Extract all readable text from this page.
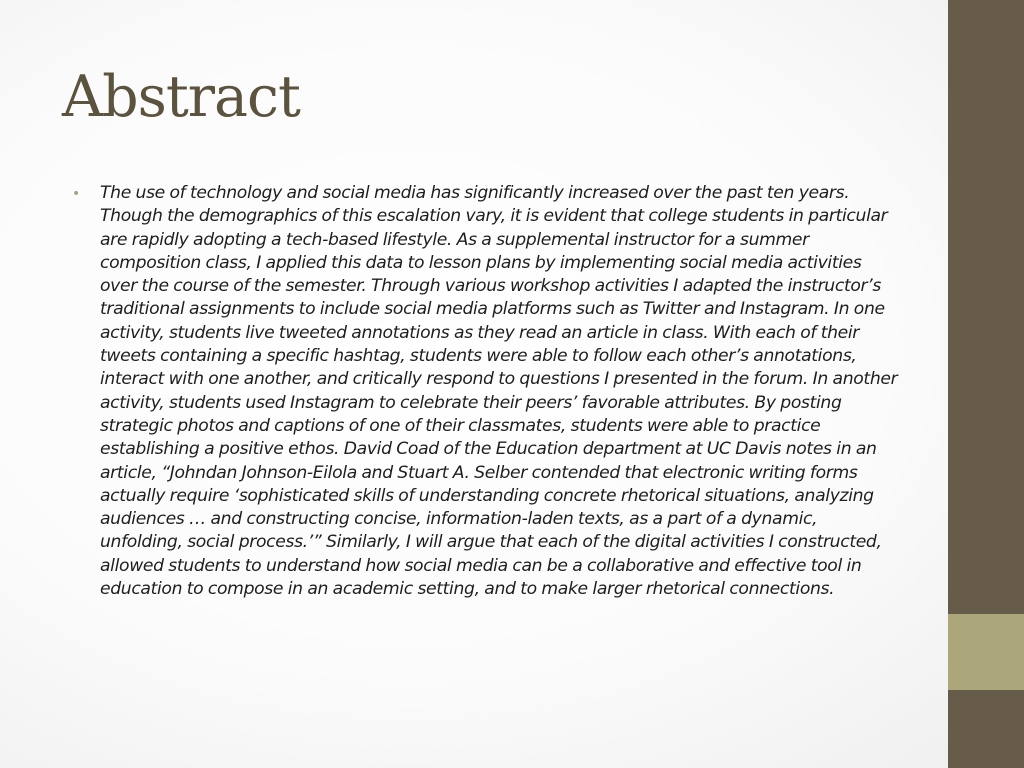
Abstract
• The use of technology and social media has significantly increased over the past ten years. Though the demographics of this escalation vary, it is evident that college students in particular are rapidly adopting a tech-based lifestyle. As a supplemental instructor for a summer composition class, I applied this data to lesson plans by implementing social media activities over the course of the semester. Through various workshop activities I adapted the instructor’s traditional assignments to include social media platforms such as Twitter and Instagram. In one activity, students live tweeted annotations as they read an article in class. With each of their tweets containing a specific hashtag, students were able to follow each other’s annotations, interact with one another, and critically respond to questions I presented in the forum. In another activity, students used Instagram to celebrate their peers’ favorable attributes. By posting strategic photos and captions of one of their classmates, students were able to practice establishing a positive ethos. David Coad of the Education department at UC Davis notes in an article, “Johndan Johnson-Eilola and Stuart A. Selber contended that electronic writing forms actually require ‘sophisticated skills of understanding concrete rhetorical situations, analyzing audiences … and constructing concise, information-laden texts, as a part of a dynamic, unfolding, social process.’” Similarly, I will argue that each of the digital activities I constructed, allowed students to understand how social media can be a collaborative and effective tool in education to compose in an academic setting, and to make larger rhetorical connections.
